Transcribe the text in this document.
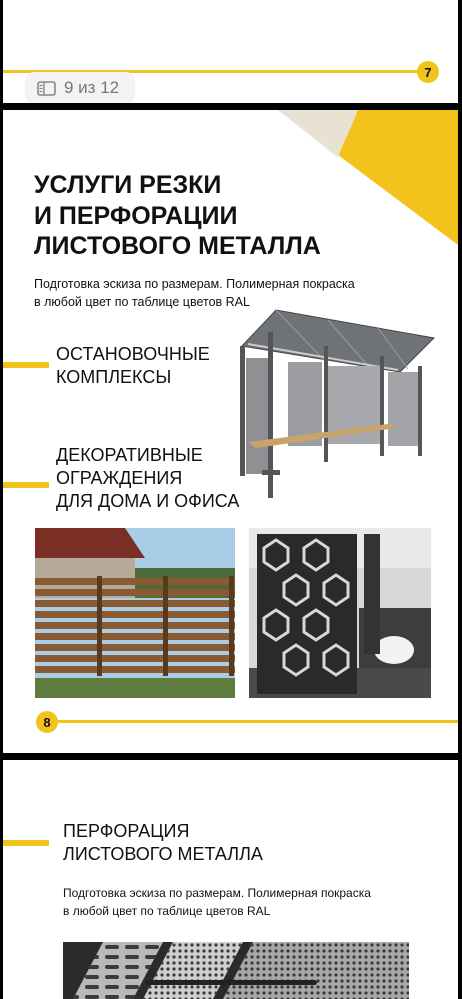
7
9 из 12
УСЛУГИ РЕЗКИ
И ПЕРФОРАЦИИ
ЛИСТОВОГО МЕТАЛЛА
Подготовка эскиза по размерам. Полимерная покраска
в любой цвет по таблице цветов RAL
ОСТАНОВОЧНЫЕ
КОМПЛЕКСЫ
ДЕКОРАТИВНЫЕ
ОГРАЖДЕНИЯ
ДЛЯ ДОМА И ОФИСА
8
ПЕРФОРАЦИЯ
ЛИСТОВОГО МЕТАЛЛА
Подготовка эскиза по размерам. Полимерная покраска
в любой цвет по таблице цветов RAL
